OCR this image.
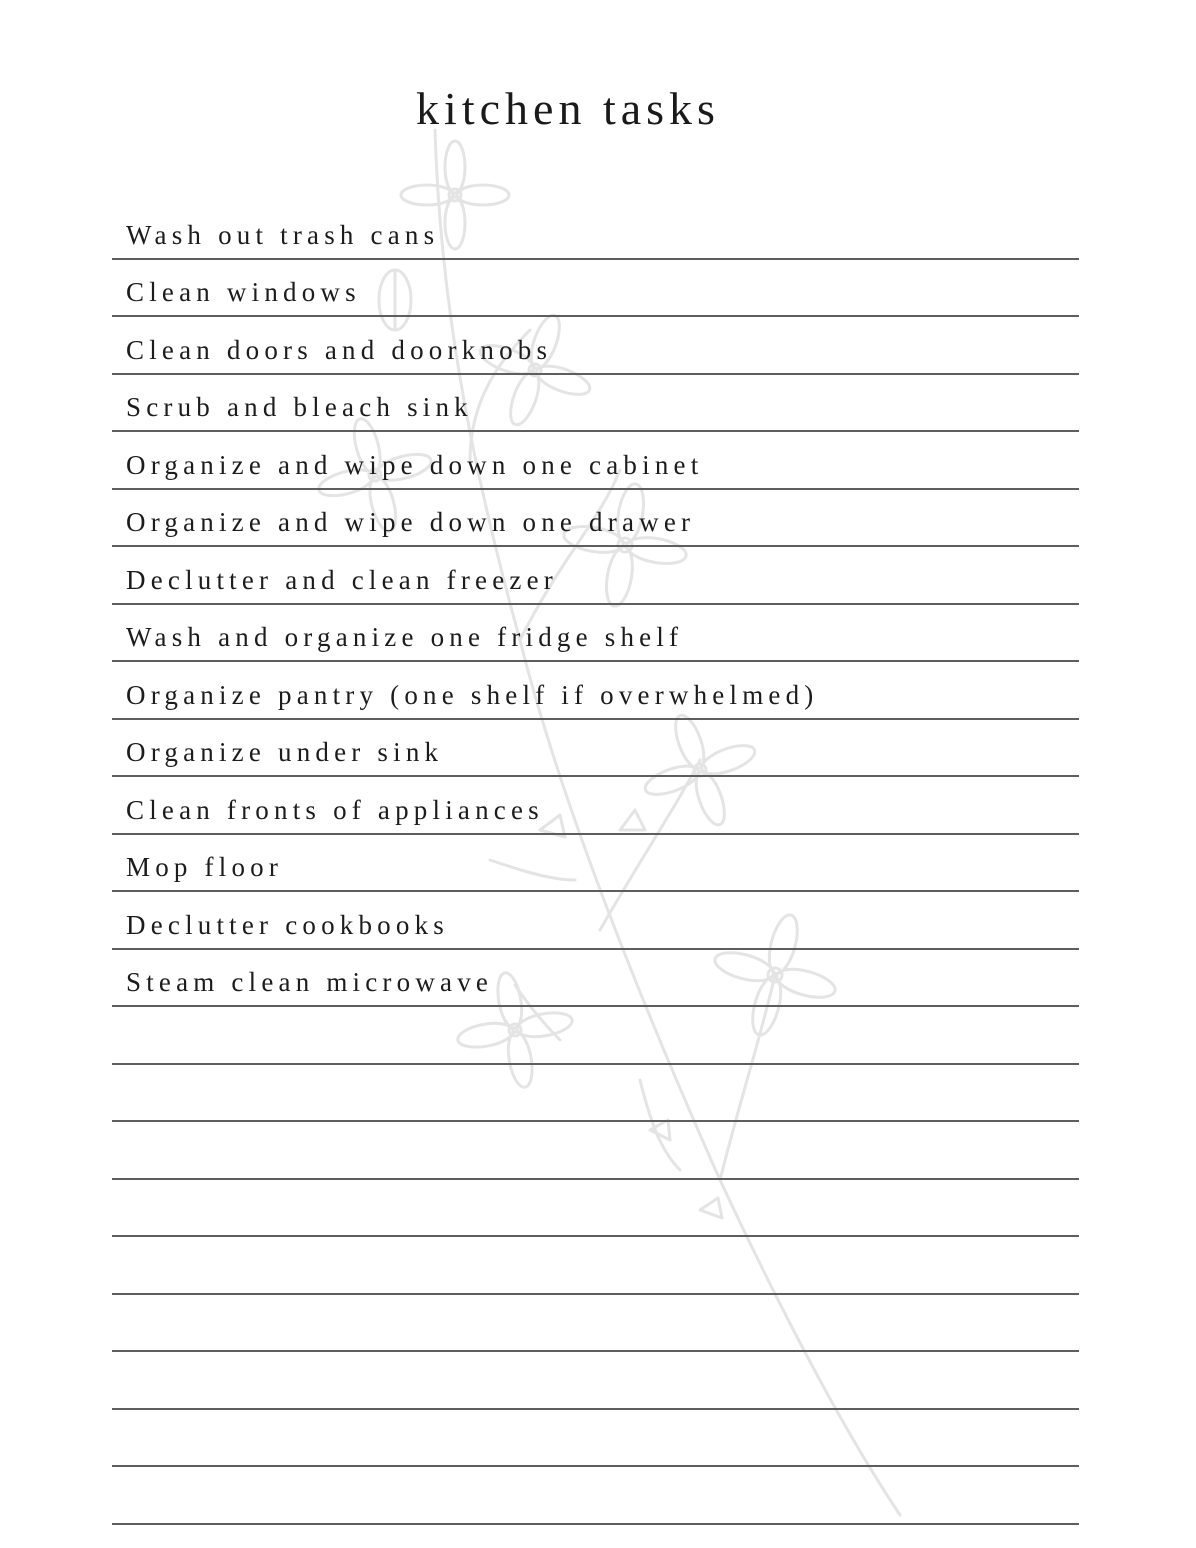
kitchen tasks
Wash out trash cans
Clean windows
Clean doors and doorknobs
Scrub and bleach sink
Organize and wipe down one cabinet
Organize and wipe down one drawer
Declutter and clean freezer
Wash and organize one fridge shelf
Organize pantry (one shelf if overwhelmed)
Organize under sink
Clean fronts of appliances
Mop floor
Declutter cookbooks
Steam clean microwave
